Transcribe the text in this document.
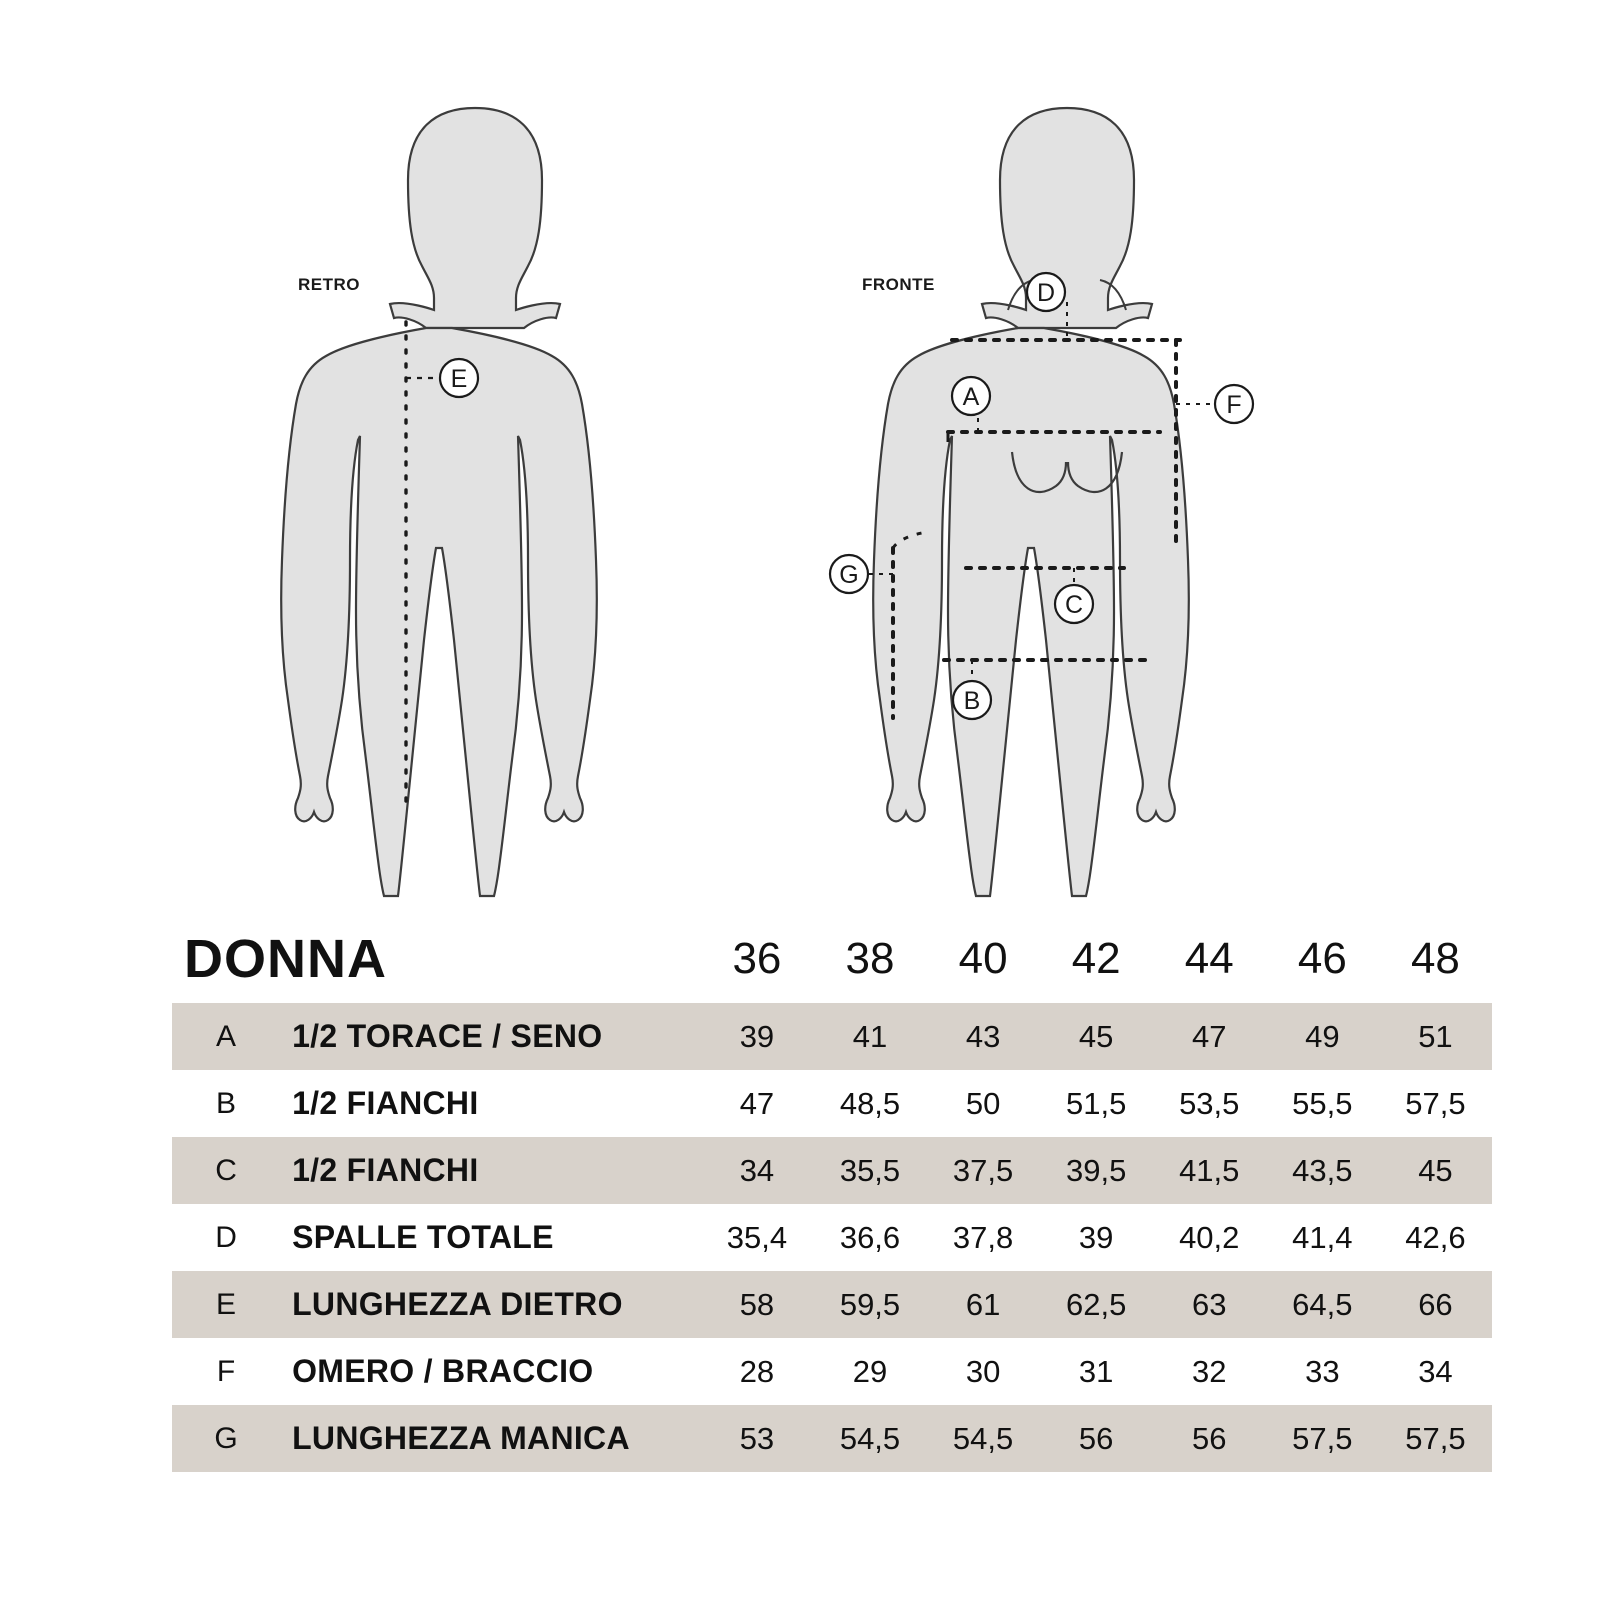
RETRO
E
FRONTE	D
A	F
G
C
B
DONNA		36	38	40	42	44	46	48
A	1/2 TORACE / SENO	39	41	43	45	47	49	51
B	1/2 FIANCHI	47	48,5	50	51,5	53,5	55,5	57,5
C	1/2 FIANCHI	34	35,5	37,5	39,5	41,5	43,5	45
D	SPALLE TOTALE	35,4	36,6	37,8	39	40,2	41,4	42,6
E	LUNGHEZZA DIETRO	58	59,5	61	62,5	63	64,5	66
F	OMERO / BRACCIO	28	29	30	31	32	33	34
G	LUNGHEZZA MANICA	53	54,5	54,5	56	56	57,5	57,5
